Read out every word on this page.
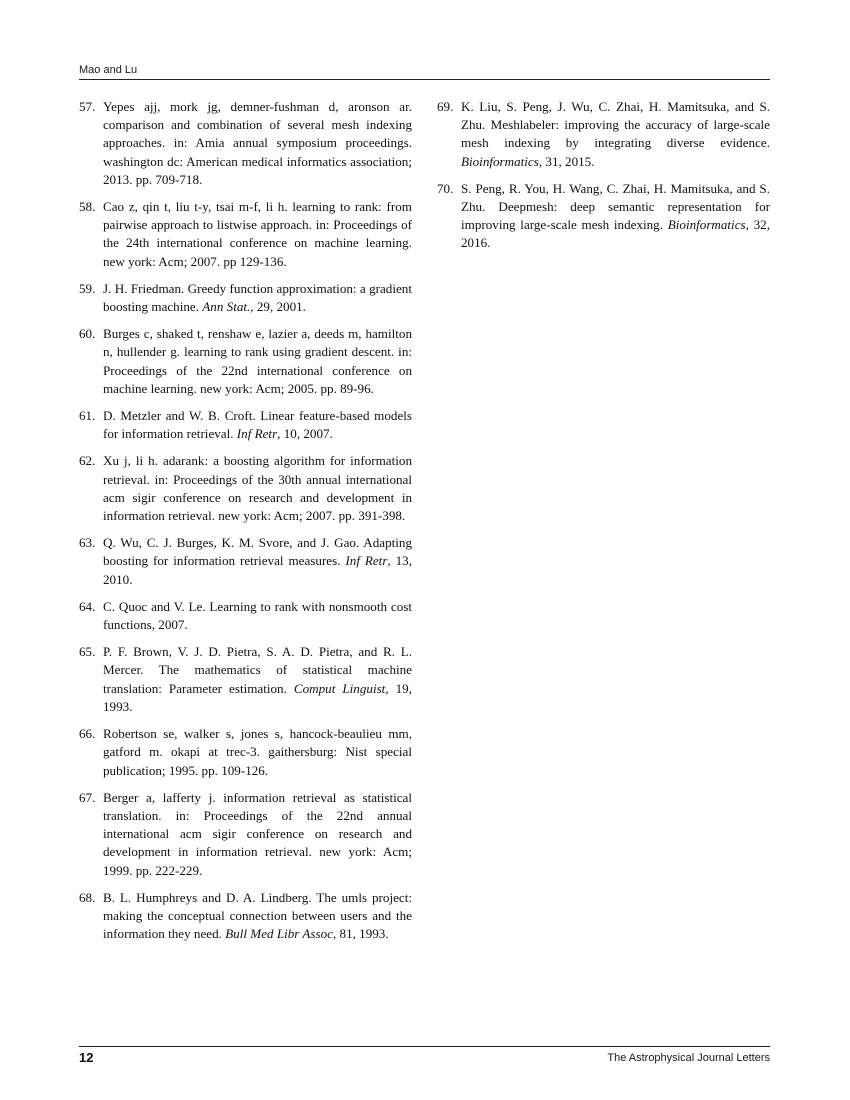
Mao and Lu
57. Yepes ajj, mork jg, demner-fushman d, aronson ar. comparison and combination of several mesh indexing approaches. in: Amia annual symposium proceedings. washington dc: American medical informatics association; 2013. pp. 709-718.
58. Cao z, qin t, liu t-y, tsai m-f, li h. learning to rank: from pairwise approach to listwise approach. in: Proceedings of the 24th international conference on machine learning. new york: Acm; 2007. pp 129-136.
59. J. H. Friedman. Greedy function approximation: a gradient boosting machine. Ann Stat., 29, 2001.
60. Burges c, shaked t, renshaw e, lazier a, deeds m, hamilton n, hullender g. learning to rank using gradient descent. in: Proceedings of the 22nd international conference on machine learning. new york: Acm; 2005. pp. 89-96.
61. D. Metzler and W. B. Croft. Linear feature-based models for information retrieval. Inf Retr, 10, 2007.
62. Xu j, li h. adarank: a boosting algorithm for information retrieval. in: Proceedings of the 30th annual international acm sigir conference on research and development in information retrieval. new york: Acm; 2007. pp. 391-398.
63. Q. Wu, C. J. Burges, K. M. Svore, and J. Gao. Adapting boosting for information retrieval measures. Inf Retr, 13, 2010.
64. C. Quoc and V. Le. Learning to rank with nonsmooth cost functions, 2007.
65. P. F. Brown, V. J. D. Pietra, S. A. D. Pietra, and R. L. Mercer. The mathematics of statistical machine translation: Parameter estimation. Comput Linguist, 19, 1993.
66. Robertson se, walker s, jones s, hancock-beaulieu mm, gatford m. okapi at trec-3. gaithersburg: Nist special publication; 1995. pp. 109-126.
67. Berger a, lafferty j. information retrieval as statistical translation. in: Proceedings of the 22nd annual international acm sigir conference on research and development in information retrieval. new york: Acm; 1999. pp. 222-229.
68. B. L. Humphreys and D. A. Lindberg. The umls project: making the conceptual connection between users and the information they need. Bull Med Libr Assoc, 81, 1993.
69. K. Liu, S. Peng, J. Wu, C. Zhai, H. Mamitsuka, and S. Zhu. Meshlabeler: improving the accuracy of large-scale mesh indexing by integrating diverse evidence. Bioinformatics, 31, 2015.
70. S. Peng, R. You, H. Wang, C. Zhai, H. Mamitsuka, and S. Zhu. Deepmesh: deep semantic representation for improving large-scale mesh indexing. Bioinformatics, 32, 2016.
12	The Astrophysical Journal Letters
